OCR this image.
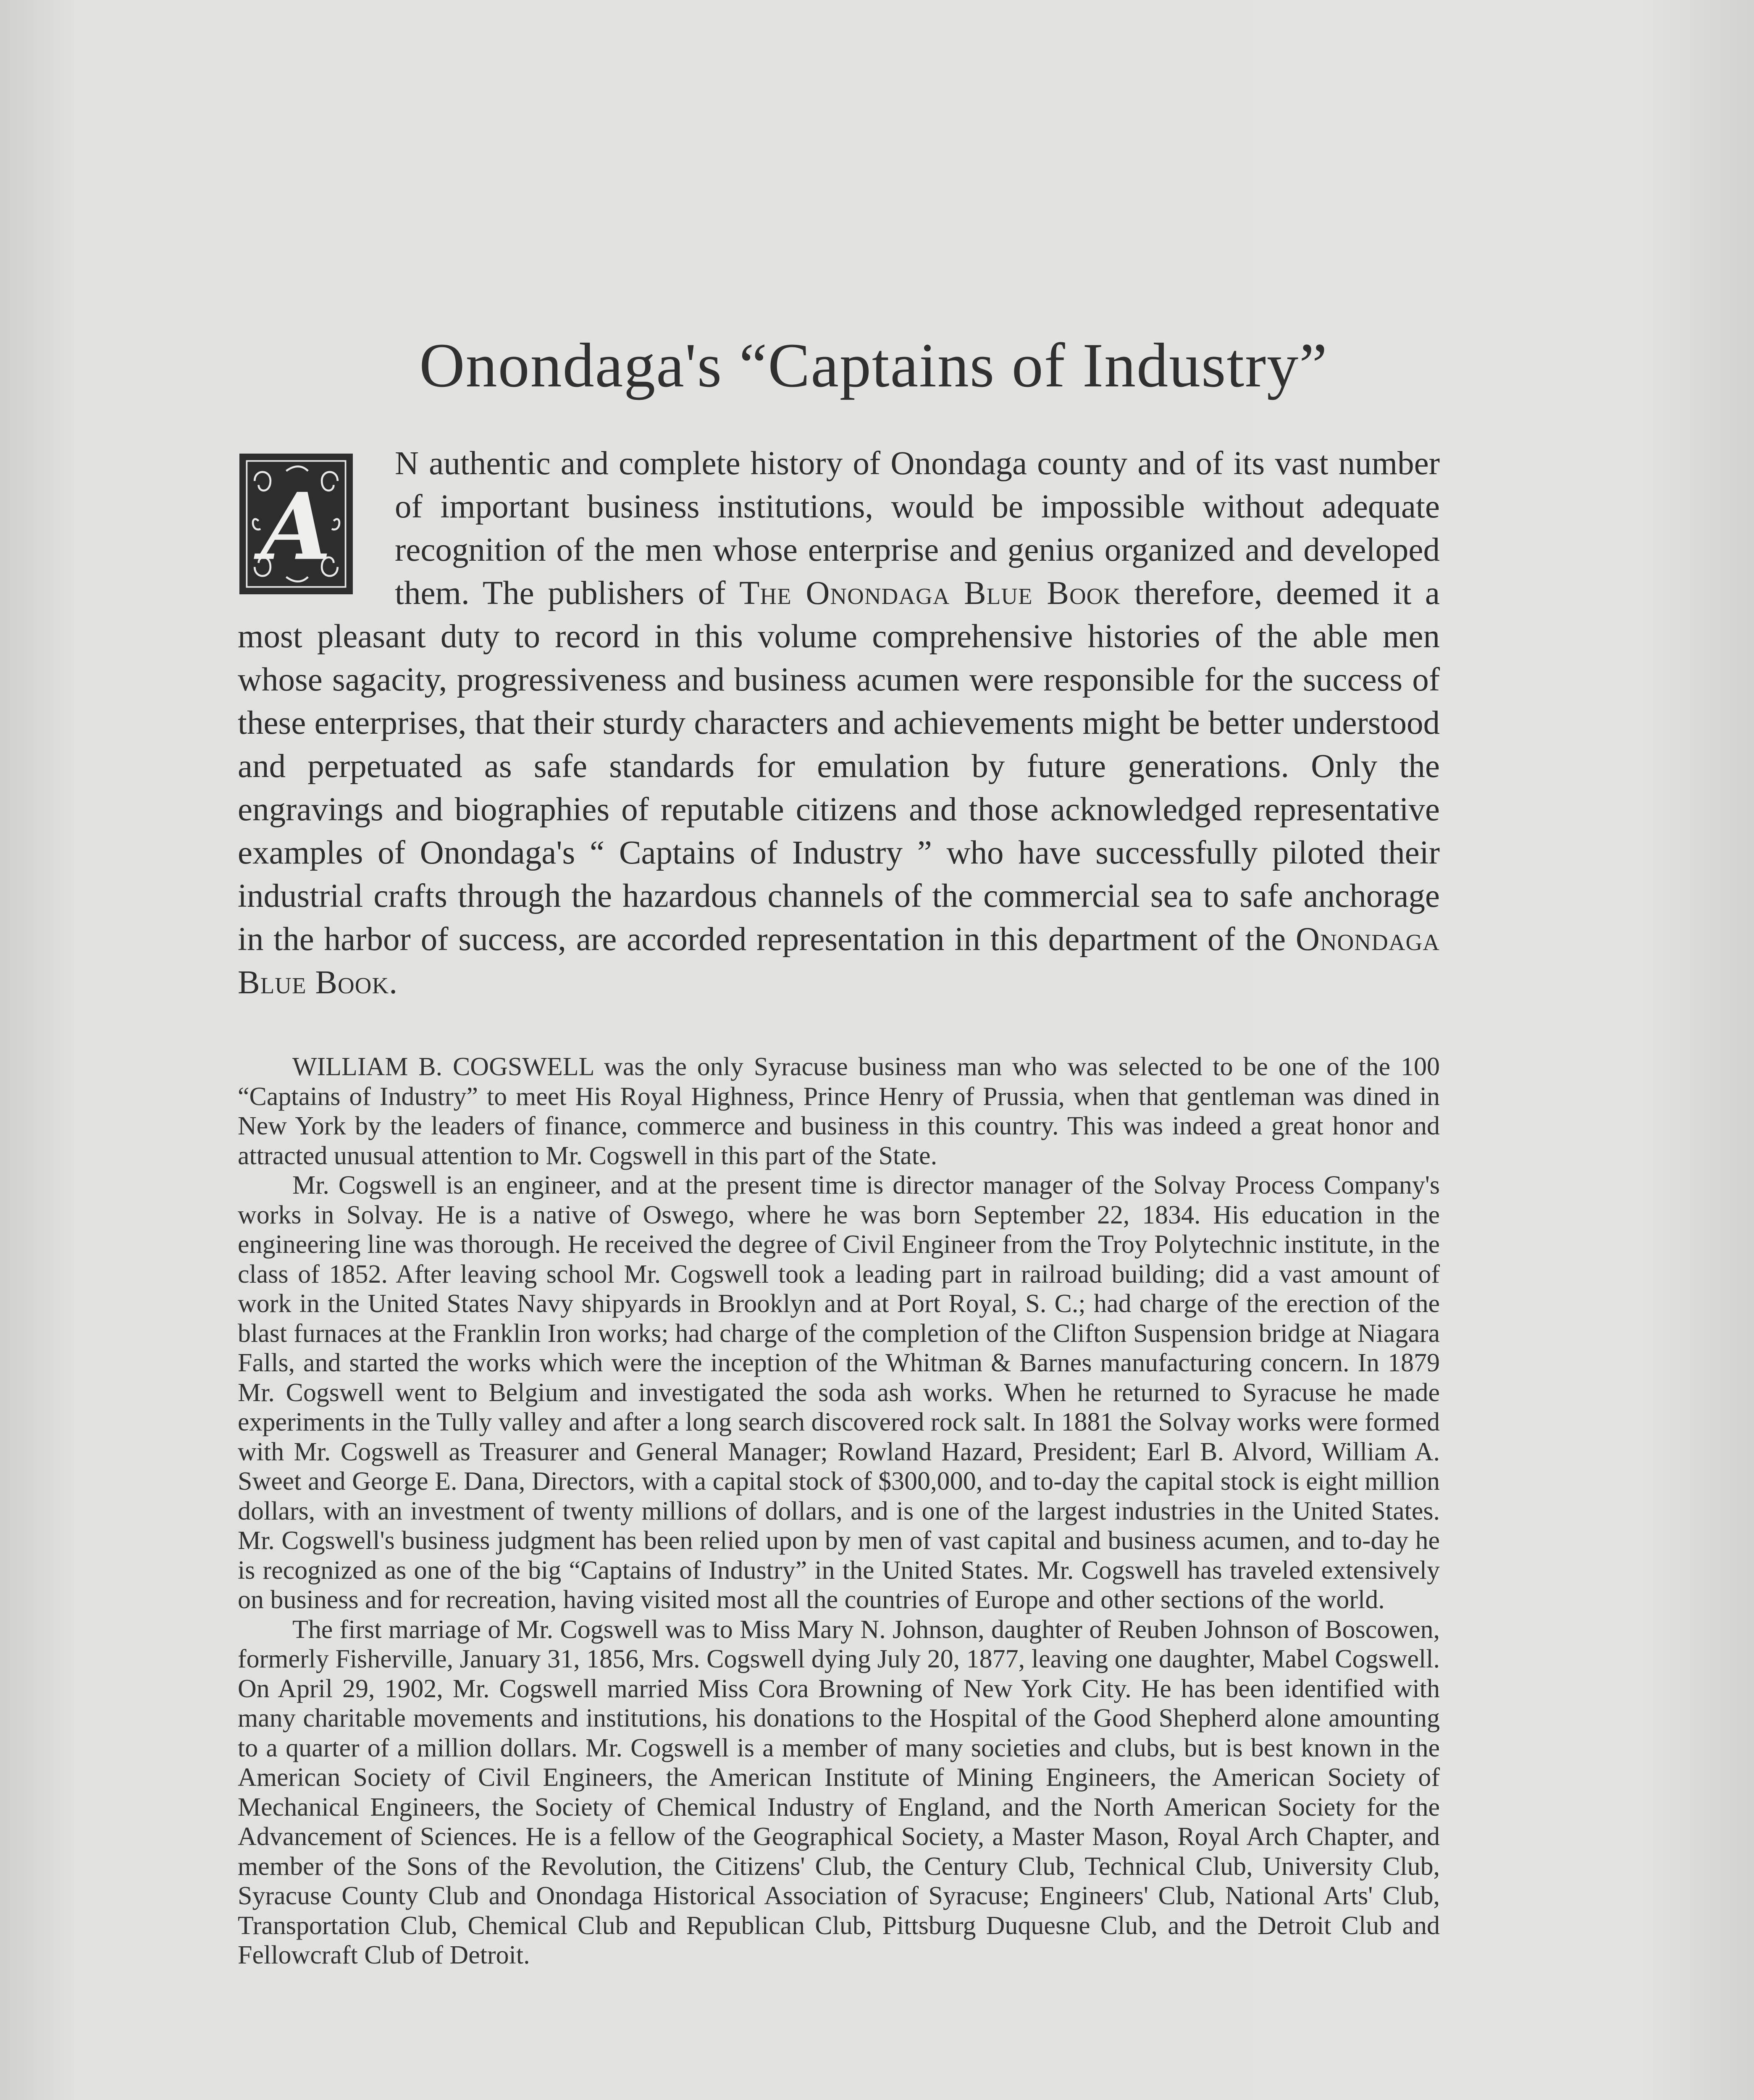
Onondaga's “Captains of Industry”
A
N authentic and complete history of Onondaga county and of its vast number of important business institutions, would be impossible without adequate recognition of the men whose enterprise and genius organized and developed them. The publishers of The Onondaga Blue Book therefore, deemed it a most pleasant duty to record in this volume comprehensive histories of the able men whose sagacity, progressiveness and business acumen were responsible for the success of these enterprises, that their sturdy characters and achievements might be better understood and perpetuated as safe standards for emulation by future generations. Only the engravings and biographies of reputable citizens and those acknowledged representative examples of Onondaga's “ Captains of Industry ” who have successfully piloted their industrial crafts through the hazardous channels of the commercial sea to safe anchorage in the harbor of success, are accorded representation in this department of the Onondaga Blue Book.

WILLIAM B. COGSWELL was the only Syracuse business man who was selected to be one of the 100 “Captains of Industry” to meet His Royal Highness, Prince Henry of Prussia, when that gentleman was dined in New York by the leaders of finance, commerce and business in this country. This was indeed a great honor and attracted unusual attention to Mr. Cogswell in this part of the State.

Mr. Cogswell is an engineer, and at the present time is director manager of the Solvay Process Company's works in Solvay. He is a native of Oswego, where he was born September 22, 1834. His education in the engineering line was thorough. He received the degree of Civil Engineer from the Troy Polytechnic institute, in the class of 1852. After leaving school Mr. Cogswell took a leading part in railroad building; did a vast amount of work in the United States Navy shipyards in Brooklyn and at Port Royal, S. C.; had charge of the erection of the blast furnaces at the Franklin Iron works; had charge of the completion of the Clifton Suspension bridge at Niagara Falls, and started the works which were the inception of the Whitman & Barnes manufacturing concern. In 1879 Mr. Cogswell went to Belgium and investigated the soda ash works. When he returned to Syracuse he made experiments in the Tully valley and after a long search discovered rock salt. In 1881 the Solvay works were formed with Mr. Cogswell as Treasurer and General Manager; Rowland Hazard, President; Earl B. Alvord, William A. Sweet and George E. Dana, Directors, with a capital stock of $300,000, and to-day the capital stock is eight million dollars, with an investment of twenty millions of dollars, and is one of the largest industries in the United States. Mr. Cogswell's business judgment has been relied upon by men of vast capital and business acumen, and to-day he is recognized as one of the big “Captains of Industry” in the United States. Mr. Cogswell has traveled extensively on business and for recreation, having visited most all the countries of Europe and other sections of the world.

The first marriage of Mr. Cogswell was to Miss Mary N. Johnson, daughter of Reuben Johnson of Boscowen, formerly Fisherville, January 31, 1856, Mrs. Cogswell dying July 20, 1877, leaving one daughter, Mabel Cogswell. On April 29, 1902, Mr. Cogswell married Miss Cora Browning of New York City. He has been identified with many charitable movements and institutions, his donations to the Hospital of the Good Shepherd alone amounting to a quarter of a million dollars. Mr. Cogswell is a member of many societies and clubs, but is best known in the American Society of Civil Engineers, the American Institute of Mining Engineers, the American Society of Mechanical Engineers, the Society of Chemical Industry of England, and the North American Society for the Advancement of Sciences. He is a fellow of the Geographical Society, a Master Mason, Royal Arch Chapter, and member of the Sons of the Revolution, the Citizens' Club, the Century Club, Technical Club, University Club, Syracuse County Club and Onondaga Historical Association of Syracuse; Engineers' Club, National Arts' Club, Transportation Club, Chemical Club and Republican Club, Pittsburg Duquesne Club, and the Detroit Club and Fellowcraft Club of Detroit.
